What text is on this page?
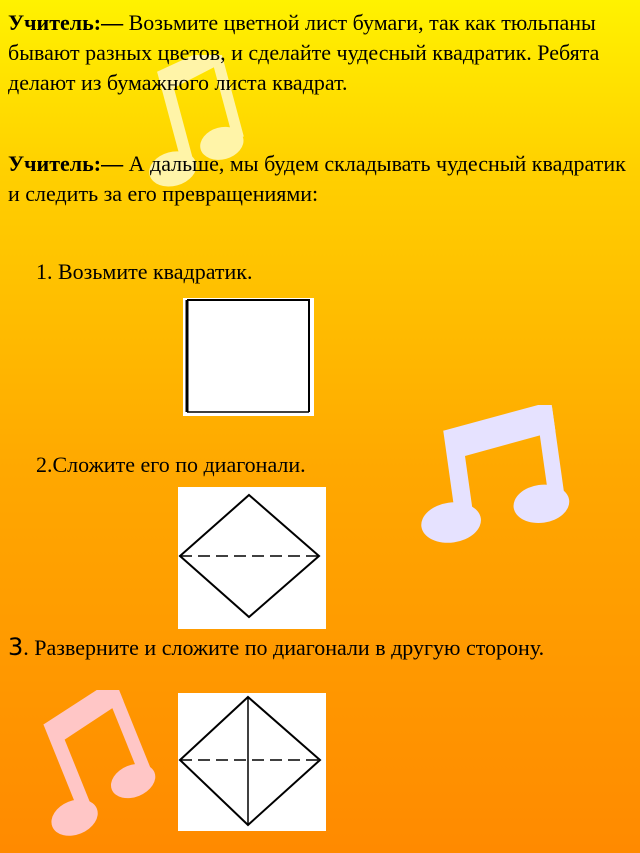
Учитель:— Возьмите цветной лист бумаги, так как тюльпаны бывают разных цветов, и сделайте чудесный квадратик. Ребята делают из бумажного листа квадрат.
Учитель:— А дальше, мы будем складывать чудесный квадратик и следить за его превращениями:
1. Возьмите квадратик.
2.Сложите его по диагонали.
3. Разверните и сложите по диагонали в другую сторону.
